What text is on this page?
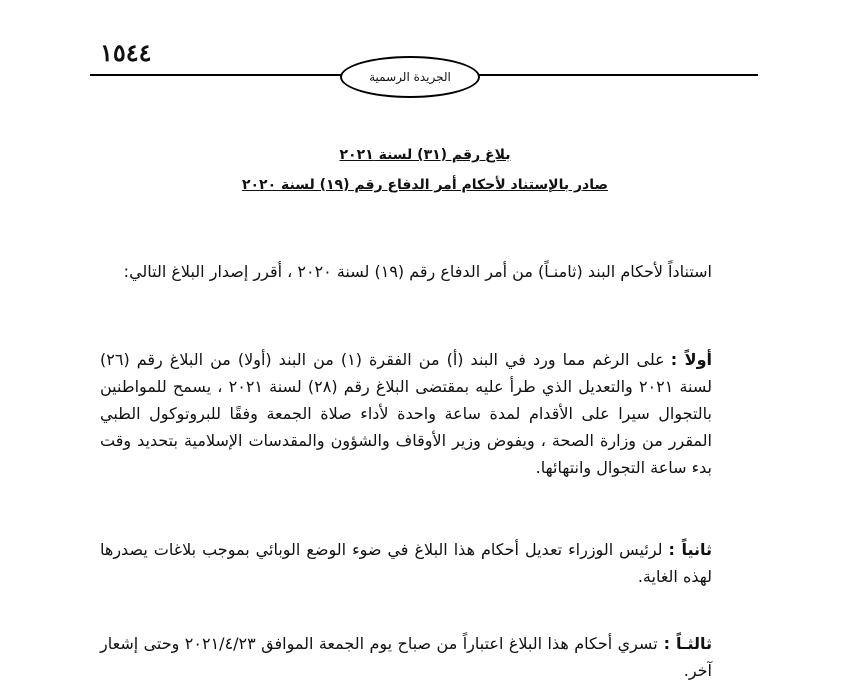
١٥٤٤
الجريدة الرسمية
بلاغ رقم (٣١) لسنة ٢٠٢١
صادر بالإستناد لأحكام أمر الدفاع رقم (١٩) لسنة ٢٠٢٠

استناداً لأحكام البند (ثامنـاً) من أمر الدفاع رقم (١٩) لسنة ٢٠٢٠ ، أقرر إصدار البلاغ التالي:

أولاً :على الرغم مما ورد في البند (أ) من الفقرة (١) من البند (أولا) من البلاغ رقم (٢٦) لسنة ٢٠٢١ والتعديل الذي طرأ عليه بمقتضى البلاغ رقم (٢٨) لسنة ٢٠٢١ ، يسمح للمواطنين بالتجوال سيرا على الأقدام لمدة ساعة واحدة لأداء صلاة الجمعة وفقًا للبروتوكول الطبي المقرر من وزارة الصحة ، ويفوض وزير الأوقاف والشؤون والمقدسات الإسلامية بتحديد وقت بدء ساعة التجوال وانتهائها.
ثانياً :لرئيس الوزراء تعديل أحكام هذا البلاغ في ضوء الوضع الوبائي بموجب بلاغات يصدرها لهذه الغاية.
ثالثـاً :تسري أحكام هذا البلاغ اعتباراً من صباح يوم الجمعة الموافق ٢٠٢١/٤/٢٣ وحتى إشعار آخر.
